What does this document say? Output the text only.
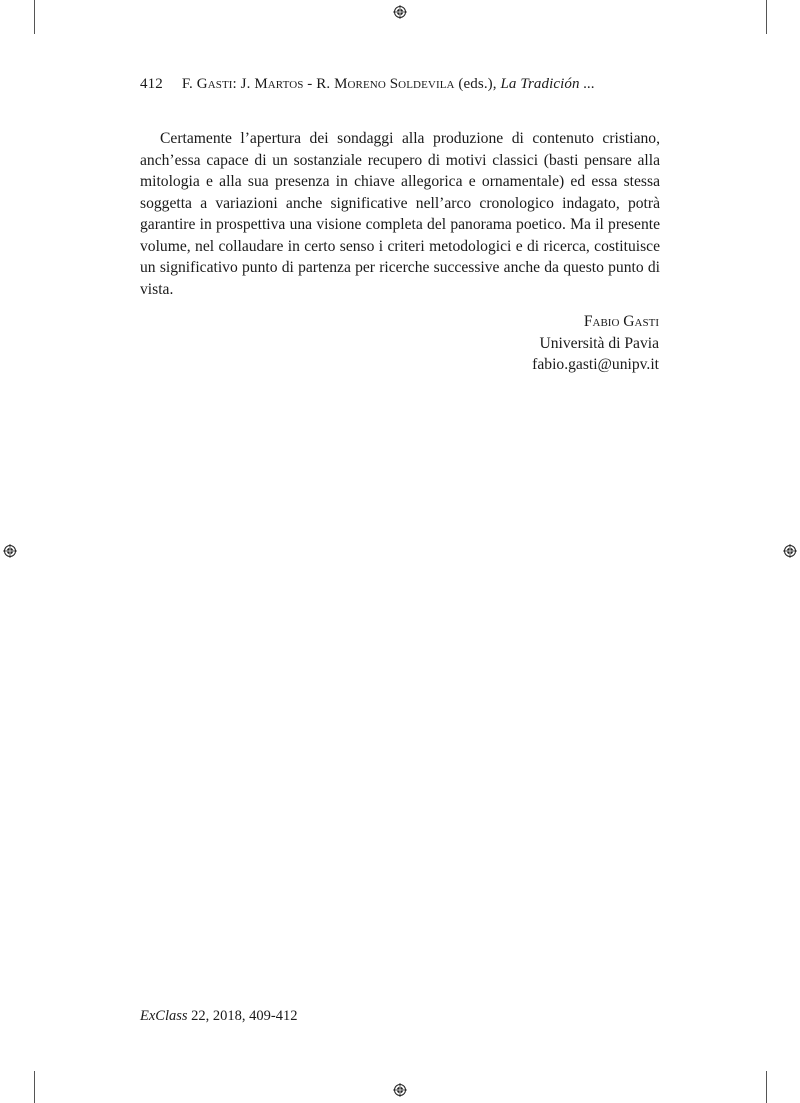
412 F. Gasti: J. Martos - R. Moreno Soldevila (eds.), La Tradición ...

Certamente l’apertura dei sondaggi alla produzione di contenuto cristiano, anch’essa capace di un sostanziale recupero di motivi classici (basti pensare alla mitologia e alla sua presenza in chiave allegorica e ornamentale) ed essa stessa soggetta a variazioni anche significative nell’arco cronologico indagato, potrà garantire in prospettiva una visione completa del panorama poetico. Ma il presente volume, nel collaudare in certo senso i criteri metodologici e di ricerca, costituisce un significativo punto di partenza per ricerche successive anche da questo punto di vista.

Fabio Gasti
Università di Pavia
fabio.gasti@unipv.it
ExClass 22, 2018, 409-412
